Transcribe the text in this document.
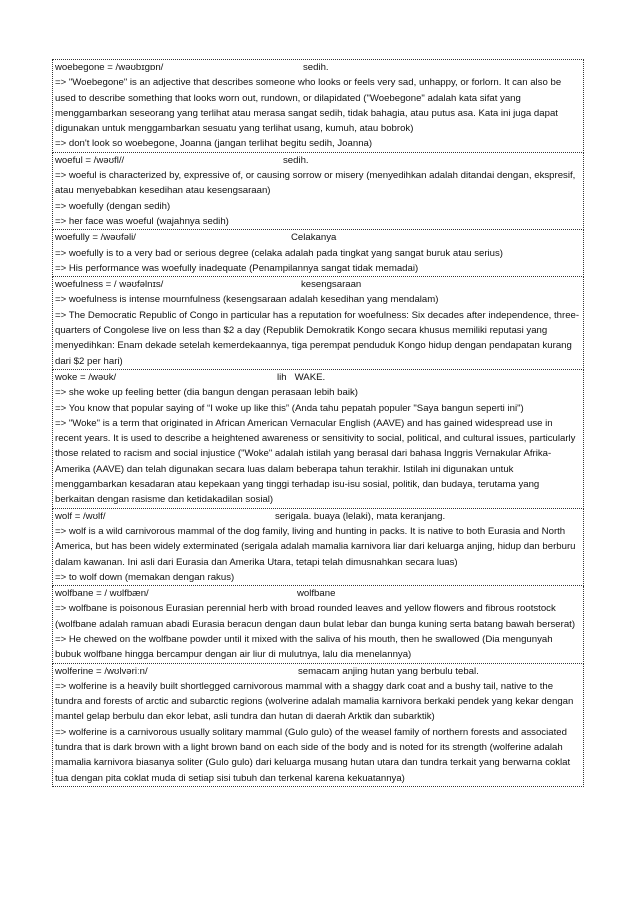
woebegone = /wəʊbɪɡɒn/	sedih.
=> "Woebegone" is an adjective that describes someone who looks or feels very sad, unhappy, or forlorn. It can also be used to describe something that looks worn out, rundown, or dilapidated ("Woebegone" adalah kata sifat yang menggambarkan seseorang yang terlihat atau merasa sangat sedih, tidak bahagia, atau putus asa. Kata ini juga dapat digunakan untuk menggambarkan sesuatu yang terlihat usang, kumuh, atau bobrok)
=> don't look so woebegone, Joanna (jangan terlihat begitu sedih, Joanna)
woeful = /wəʊfl//	sedih.
=> woeful is characterized by, expressive of, or causing sorrow or misery (menyedihkan adalah ditandai dengan, ekspresif, atau menyebabkan kesedihan atau kesengsaraan)
=> woefully (dengan sedih)
=> her face was woeful (wajahnya sedih)
woefully = /wəʊfəli/	Celakanya
=> woefully is to a very bad or serious degree (celaka adalah pada tingkat yang sangat buruk atau serius)
=> His performance was woefully inadequate (Penampilannya sangat tidak memadai)
woefulness = / wəʊfəlnɪs/	kesengsaraan
=> woefulness is intense mournfulness (kesengsaraan adalah kesedihan yang mendalam)
=> The Democratic Republic of Congo in particular has a reputation for woefulness: Six decades after independence, three-quarters of Congolese live on less than $2 a day (Republik Demokratik Kongo secara khusus memiliki reputasi yang menyedihkan: Enam dekade setelah kemerdekaannya, tiga perempat penduduk Kongo hidup dengan pendapatan kurang dari $2 per hari)
woke = /wəʊk/	lih   WAKE.
=> she woke up feeling better (dia bangun dengan perasaan lebih baik)
=> You know that popular saying of “I woke up like this” (Anda tahu pepatah populer "Saya bangun seperti ini")
=> "Woke" is a term that originated in African American Vernacular English (AAVE) and has gained widespread use in recent years. It is used to describe a heightened awareness or sensitivity to social, political, and cultural issues, particularly those related to racism and social injustice ("Woke" adalah istilah yang berasal dari bahasa Inggris Vernakular Afrika-Amerika (AAVE) dan telah digunakan secara luas dalam beberapa tahun terakhir. Istilah ini digunakan untuk menggambarkan kesadaran atau kepekaan yang tinggi terhadap isu-isu sosial, politik, dan budaya, terutama yang berkaitan dengan rasisme dan ketidakadilan sosial)
wolf = /wʊlf/	serigala. buaya (lelaki), mata keranjang.
=> wolf is a wild carnivorous mammal of the dog family, living and hunting in packs. It is native to both Eurasia and North America, but has been widely exterminated (serigala adalah mamalia karnivora liar dari keluarga anjing, hidup dan berburu dalam kawanan. Ini asli dari Eurasia dan Amerika Utara, tetapi telah dimusnahkan secara luas)
=> to wolf down (memakan dengan rakus)
wolfbane = / wʊlfbæn/	wolfbane
=> wolfbane is poisonous Eurasian perennial herb with broad rounded leaves and yellow flowers and fibrous rootstock (wolfbane adalah ramuan abadi Eurasia beracun dengan daun bulat lebar dan bunga kuning serta batang bawah berserat)
=> He chewed on the wolfbane powder until it mixed with the saliva of his mouth, then he swallowed (Dia mengunyah bubuk wolfbane hingga bercampur dengan air liur di mulutnya, lalu dia menelannya)
wolferine = /wʊlvəriːn/	semacam anjing hutan yang berbulu tebal.
=> wolferine is a heavily built shortlegged carnivorous mammal with a shaggy dark coat and a bushy tail, native to the tundra and forests of arctic and subarctic regions (wolverine adalah mamalia karnivora berkaki pendek yang kekar dengan mantel gelap berbulu dan ekor lebat, asli tundra dan hutan di daerah Arktik dan subarktik)
=> wolferine is a carnivorous usually solitary mammal (Gulo gulo) of the weasel family of northern forests and associated tundra that is dark brown with a light brown band on each side of the body and is noted for its strength (wolferine adalah mamalia karnivora biasanya soliter (Gulo gulo) dari keluarga musang hutan utara dan tundra terkait yang berwarna coklat tua dengan pita coklat muda di setiap sisi tubuh dan terkenal karena kekuatannya)
